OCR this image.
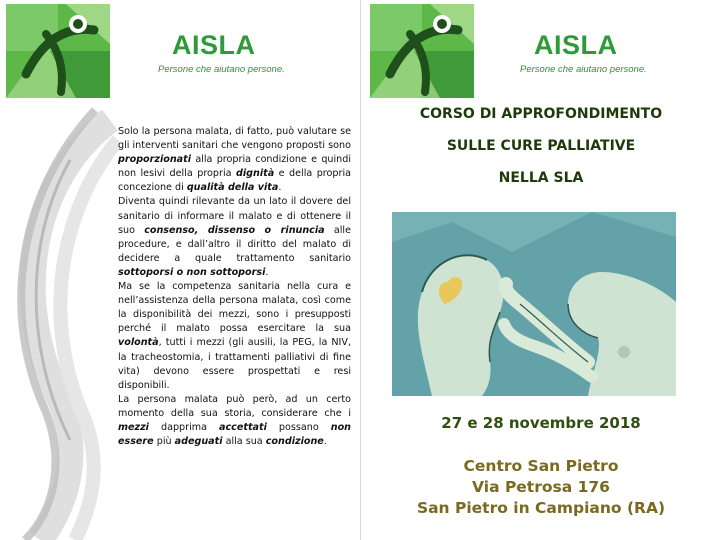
AISLA
Persone che aiutano persone.

Solo la persona malata, di fatto, può valutare se gli interventi sanitari che vengono proposti sono proporzionati alla propria condizione e quindi non lesivi della propria dignità e della propria concezione di qualità della vita.

Diventa quindi rilevante da un lato il dovere del sanitario di informare il malato e di ottenere il suo consenso, dissenso o rinuncia alle procedure, e dall’altro il diritto del malato di decidere a quale trattamento sanitario sottoporsi o non sottoporsi.

Ma se la competenza sanitaria nella cura e nell’assistenza della persona malata, così come la disponibilità dei mezzi, sono i presupposti perché il malato possa esercitare la sua volontà, tutti i mezzi (gli ausili, la PEG, la NIV, la tracheostomia, i trattamenti palliativi di fine vita) devono essere prospettati e resi disponibili.

La persona malata può però, ad un certo momento della sua storia, considerare che i mezzi dapprima accettati possano non essere più adeguati alla sua condizione.

AISLA
Persone che aiutano persone.
CORSO DI APPROFONDIMENTO
SULLE CURE PALLIATIVE
NELLA SLA
27 e 28 novembre 2018
Centro San Pietro
Via Petrosa 176
San Pietro in Campiano (RA)
